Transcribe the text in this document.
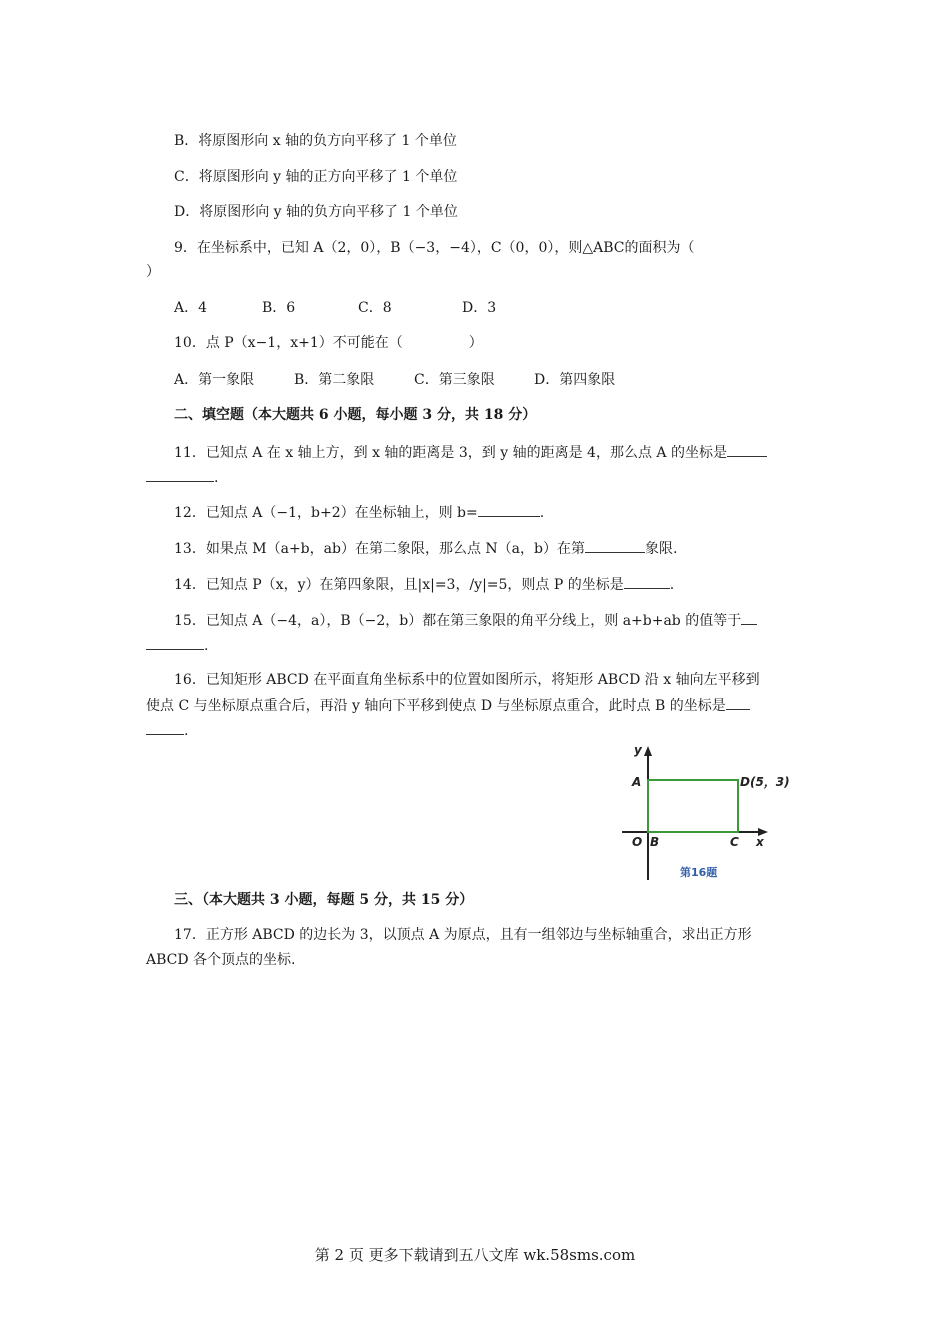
B．将原图形向 x 轴的负方向平移了 1 个单位
C．将原图形向 y 轴的正方向平移了 1 个单位
D．将原图形向 y 轴的负方向平移了 1 个单位
9．在坐标系中，已知 A（2，0），B（−3，−4），C（0，0），则△ABC的面积为（
）
A．4	B．6	C．8	D．3
10．点 P（x−1，x+1）不可能在（	）
A．第一象限	B．第二象限	C．第三象限	D．第四象限
二、填空题（本大题共 6 小题，每小题 3 分，共 18 分）
11．已知点 A 在 x 轴上方，到 x 轴的距离是 3，到 y 轴的距离是 4，那么点 A 的坐标是
.
12．已知点 A（−1，b+2）在坐标轴上，则 b=	.
13．如果点 M（a+b，ab）在第二象限，那么点 N（a，b）在第	象限.
14．已知点 P（x，y）在第四象限，且|x|=3，/y|=5，则点 P 的坐标是	.
15．已知点 A（−4，a），B（−2，b）都在第三象限的角平分线上，则 a+b+ab 的值等于
.
16．已知矩形 ABCD 在平面直角坐标系中的位置如图所示，将矩形 ABCD 沿 x 轴向左平移到
使点 C 与坐标原点重合后，再沿 y 轴向下平移到使点 D 与坐标原点重合，此时点 B 的坐标是
.
y
x
A	D(5，3)
O B	C
第16题
三、（本大题共 3 小题，每题 5 分，共 15 分）
17．正方形 ABCD 的边长为 3，以顶点 A 为原点，且有一组邻边与坐标轴重合，求出正方形
ABCD 各个顶点的坐标.
第 2 页 更多下载请到五八文库 wk.58sms.com
